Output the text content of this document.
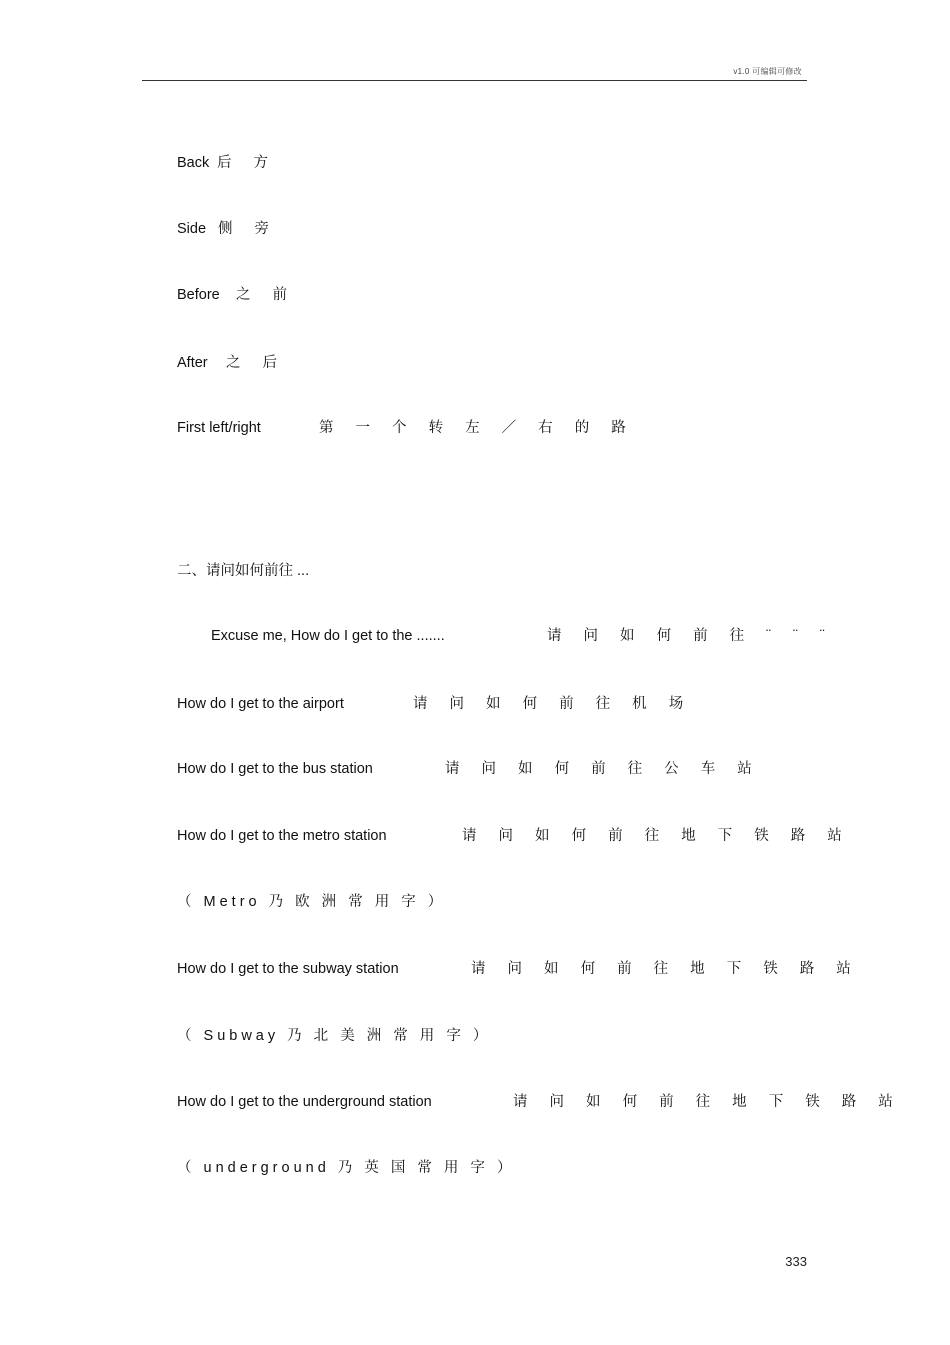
v1.0 可编辑可修改
Back 后 方
Side 侧 旁
Before 之 前
After 之 后
First left/right	第 一 个 转 左 ／ 右 的 路
二、请问如何前往 ...
Excuse me, How do I get to the .......	请 问 如 何 前 往 ¨ ¨ ¨
How do I get to the airport	请 问 如 何 前 往 机 场
How do I get to the bus station	请 问 如 何 前 往 公 车 站
How do I get to the metro station	请 问 如 何 前 往 地 下 铁 路 站
（ Metro 乃 欧 洲 常 用 字 ）
How do I get to the subway station	请 问 如 何 前 往 地 下 铁 路 站
（ Subway 乃 北 美 洲 常 用 字 ）
How do I get to the underground station	请 问 如 何 前 往 地 下 铁 路 站
（ underground 乃 英 国 常 用 字 ）
333
